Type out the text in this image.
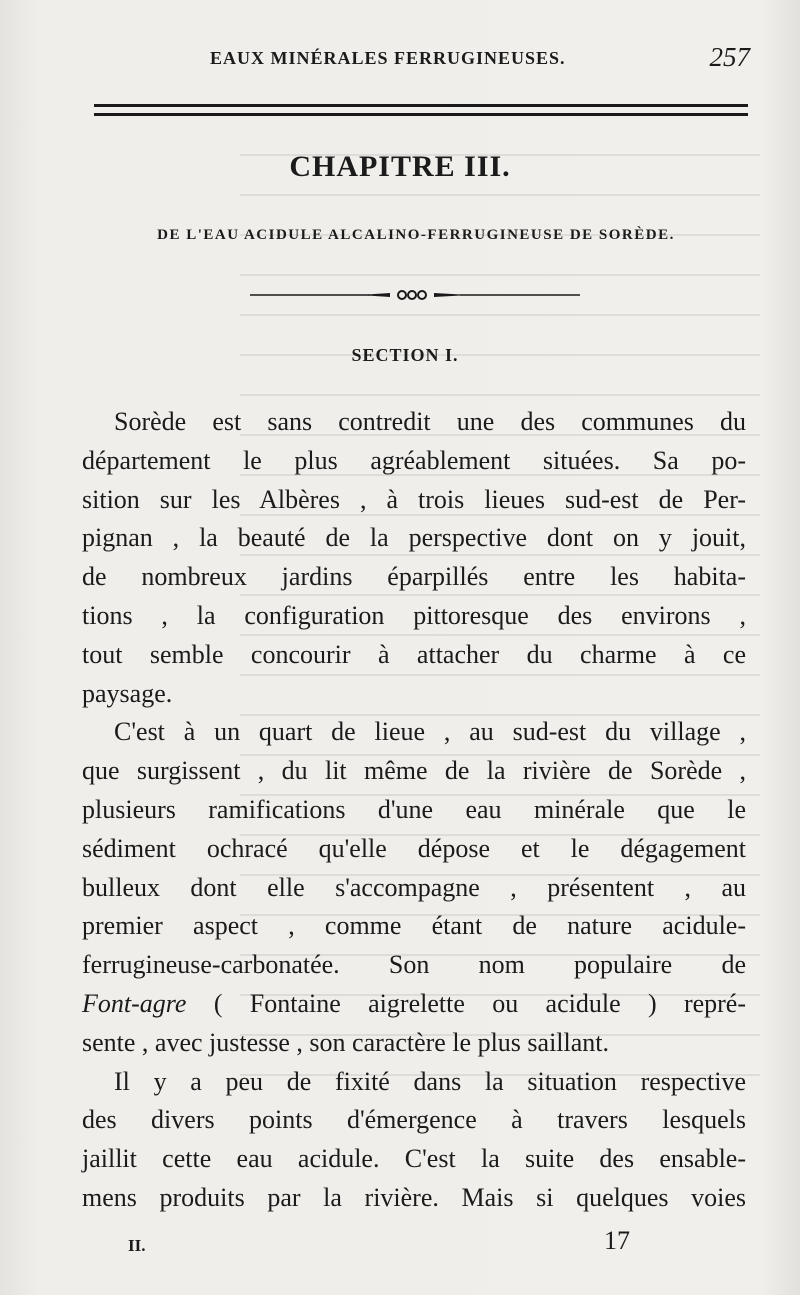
EAUX MINÉRALES FERRUGINEUSES.	257
CHAPITRE III.
DE L'EAU ACIDULE ALCALINO-FERRUGINEUSE DE SORÈDE.
SECTION I.
Sorède est sans contredit une des communes du
département le plus agréablement situées. Sa po-
sition sur les Albères , à trois lieues sud-est de Per-
pignan , la beauté de la perspective dont on y jouit,
de nombreux jardins éparpillés entre les habita-
tions , la configuration pittoresque des environs ,
tout semble concourir à attacher du charme à ce
paysage.
C'est à un quart de lieue , au sud-est du village ,
que surgissent , du lit même de la rivière de Sorède ,
plusieurs ramifications d'une eau minérale que le
sédiment ochracé qu'elle dépose et le dégagement
bulleux dont elle s'accompagne , présentent , au
premier aspect , comme étant de nature acidule-
ferrugineuse-carbonatée. Son nom populaire de
Font-agre ( Fontaine aigrelette ou acidule ) repré-
sente , avec justesse , son caractère le plus saillant.
Il y a peu de fixité dans la situation respective
des divers points d'émergence à travers lesquels
jaillit cette eau acidule. C'est la suite des ensable-
mens produits par la rivière. Mais si quelques voies
II.	17
